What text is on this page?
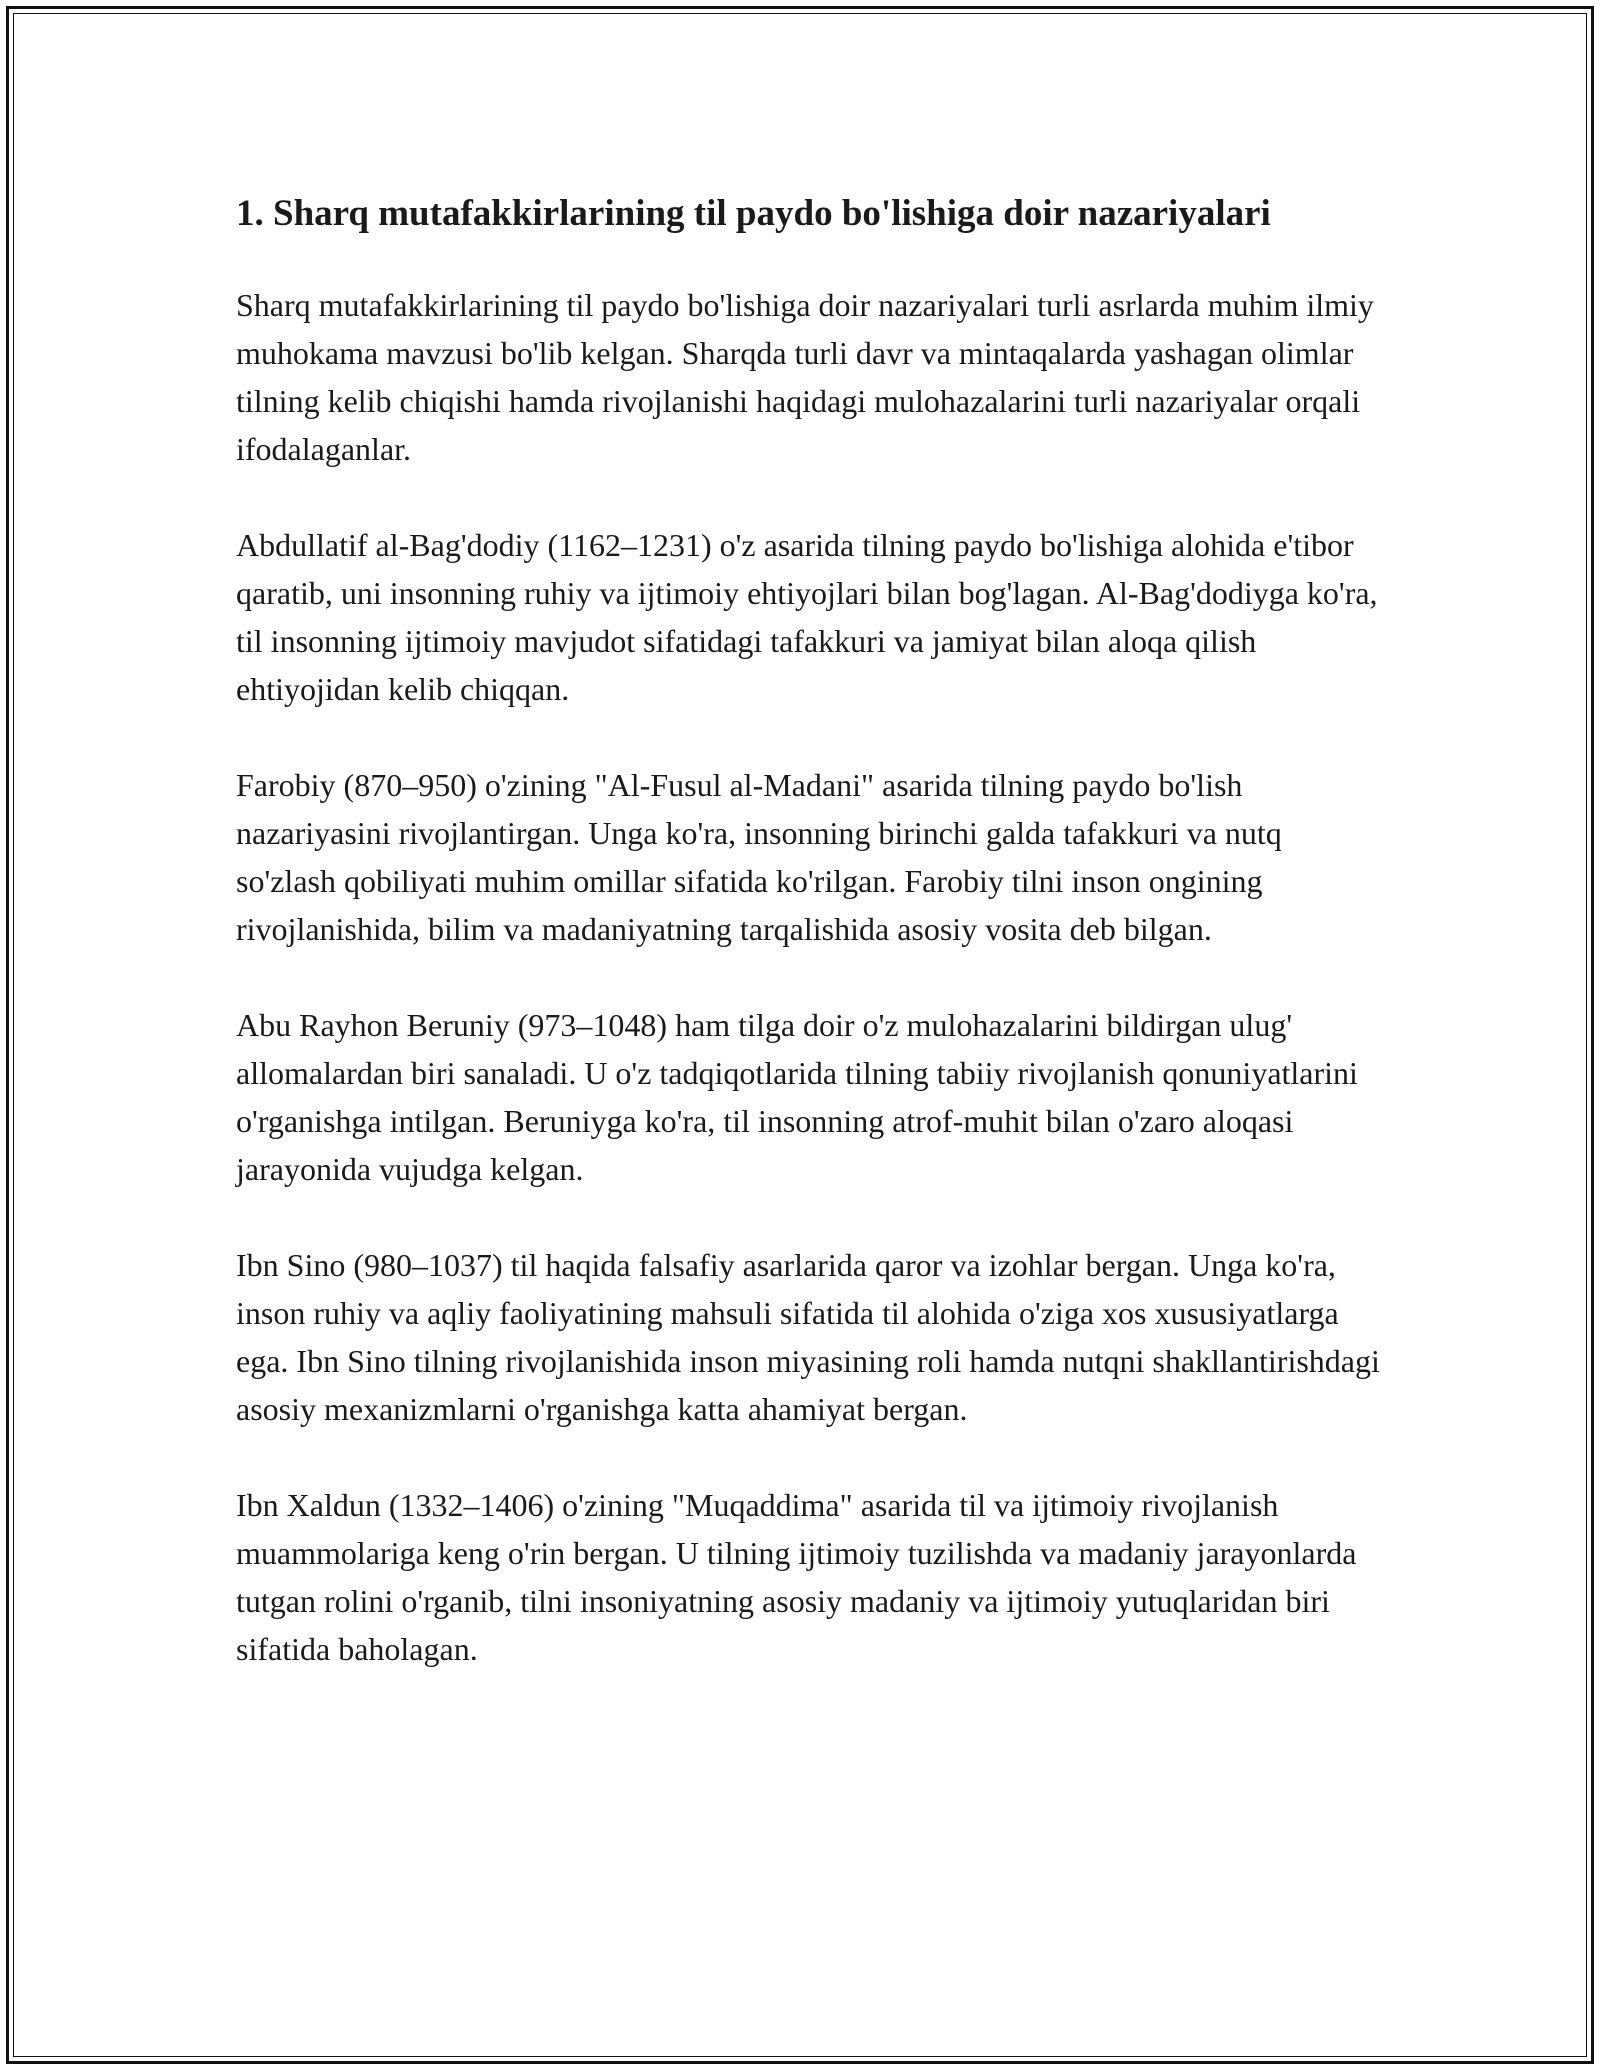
1. Sharq mutafakkirlarining til paydo bo'lishiga doir nazariyalari

Sharq mutafakkirlarining til paydo bo'lishiga doir nazariyalari turli asrlarda muhim ilmiy muhokama mavzusi bo'lib kelgan. Sharqda turli davr va mintaqalarda yashagan olimlar tilning kelib chiqishi hamda rivojlanishi haqidagi mulohazalarini turli nazariyalar orqali ifodalaganlar.

Abdullatif al-Bag'dodiy (1162–1231) o'z asarida tilning paydo bo'lishiga alohida e'tibor qaratib, uni insonning ruhiy va ijtimoiy ehtiyojlari bilan bog'lagan. Al-Bag'dodiyga ko'ra, til insonning ijtimoiy mavjudot sifatidagi tafakkuri va jamiyat bilan aloqa qilish ehtiyojidan kelib chiqqan.

Farobiy (870–950) o'zining "Al-Fusul al-Madani" asarida tilning paydo bo'lish nazariyasini rivojlantirgan. Unga ko'ra, insonning birinchi galda tafakkuri va nutq so'zlash qobiliyati muhim omillar sifatida ko'rilgan. Farobiy tilni inson ongining rivojlanishida, bilim va madaniyatning tarqalishida asosiy vosita deb bilgan.

Abu Rayhon Beruniy (973–1048) ham tilga doir o'z mulohazalarini bildirgan ulug' allomalardan biri sanaladi. U o'z tadqiqotlarida tilning tabiiy rivojlanish qonuniyatlarini o'rganishga intilgan. Beruniyga ko'ra, til insonning atrof-muhit bilan o'zaro aloqasi jarayonida vujudga kelgan.

Ibn Sino (980–1037) til haqida falsafiy asarlarida qaror va izohlar bergan. Unga ko'ra, inson ruhiy va aqliy faoliyatining mahsuli sifatida til alohida o'ziga xos xususiyatlarga ega. Ibn Sino tilning rivojlanishida inson miyasining roli hamda nutqni shakllantirishdagi asosiy mexanizmlarni o'rganishga katta ahamiyat bergan.

Ibn Xaldun (1332–1406) o'zining "Muqaddima" asarida til va ijtimoiy rivojlanish muammolariga keng o'rin bergan. U tilning ijtimoiy tuzilishda va madaniy jarayonlarda tutgan rolini o'rganib, tilni insoniyatning asosiy madaniy va ijtimoiy yutuqlaridan biri sifatida baholagan.
